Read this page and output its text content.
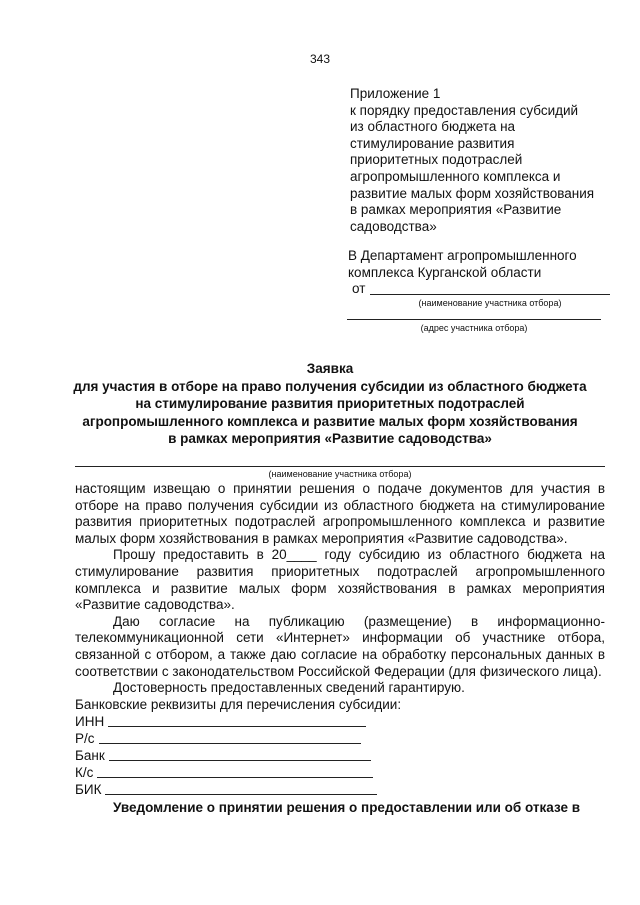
343
Приложение 1
к порядку предоставления субсидий
из областного бюджета на
стимулирование развития
приоритетных подотраслей
агропромышленного комплекса и
развитие малых форм хозяйствования
в рамках мероприятия «Развитие
садоводства»
В Департамент агропромышленного
комплекса Курганской области
от
(наименование участника отбора)
(адрес участника отбора)
Заявка
для участия в отборе на право получения субсидии из областного бюджета
на стимулирование развития приоритетных подотраслей
агропромышленного комплекса и развитие малых форм хозяйствования
в рамках мероприятия «Развитие садоводства»
(наименование участника отбора)

настоящим извещаю о принятии решения о подаче документов для участия в отборе на право получения субсидии из областного бюджета на стимулирование развития приоритетных подотраслей агропромышленного комплекса и развитие малых форм хозяйствования в рамках мероприятия «Развитие садоводства».

Прошу предоставить в 20____ году субсидию из областного бюджета на стимулирование развития приоритетных подотраслей агропромышленного комплекса и развитие малых форм хозяйствования в рамках мероприятия «Развитие садоводства».

Даю согласие на публикацию (размещение) в информационно-телекоммуникационной сети «Интернет» информации об участнике отбора, связанной с отбором, а также даю согласие на обработку персональных данных в соответствии с законодательством Российской Федерации (для физического лица).

Достоверность предоставленных сведений гарантирую.

Банковские реквизиты для перечисления субсидии:

ИНН
Р/с
Банк
К/с
БИК

Уведомление о принятии решения о предоставлении или об отказе в
